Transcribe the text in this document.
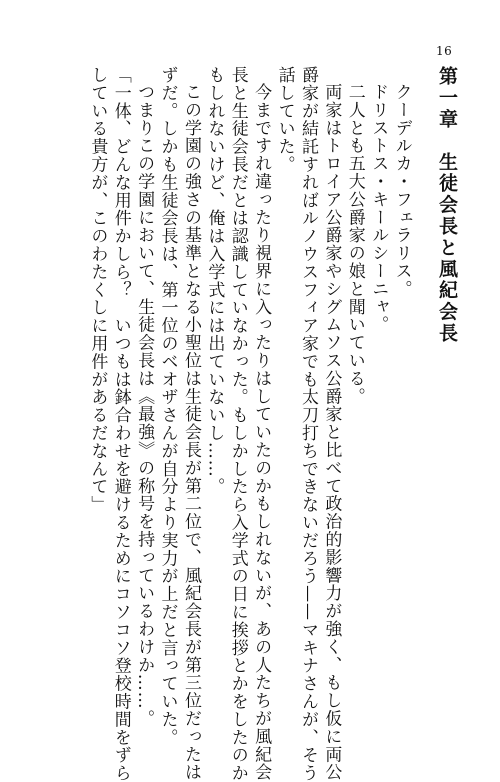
16
第一章　生徒会長と風紀会長
クーデルカ・フェラリス。
ドリストス・キールシーニャ。
二人とも五大公爵家の娘と聞いている。
両家はトロイア公爵家やシグムソス公爵家と比べて政治的影響力が強く、もし仮に両公
爵家が結託すればルノウスフィア家でも太刀打ちできないだろう——マキナさんが、そう
話していた。
今まですれ違ったり視界に入ったりはしていたのかもしれないが、あの人たちが風紀会
長と生徒会長だとは認識していなかった。もしかしたら入学式の日に挨拶とかをしたのか
もしれないけど、俺は入学式には出ていないし……。
この学園の強さの基準となる小聖位は生徒会長が第二位で、風紀会長が第三位だったは
ずだ。しかも生徒会長は、第一位のベオザさんが自分より実力が上だと言っていた。
つまりこの学園において、生徒会長は《最強》の称号を持っているわけか……。
「一体、どんな用件かしら？　いつもは鉢合わせを避けるためにコソコソ登校時間をずら
している貴方が、このわたくしに用件があるだなんて」
